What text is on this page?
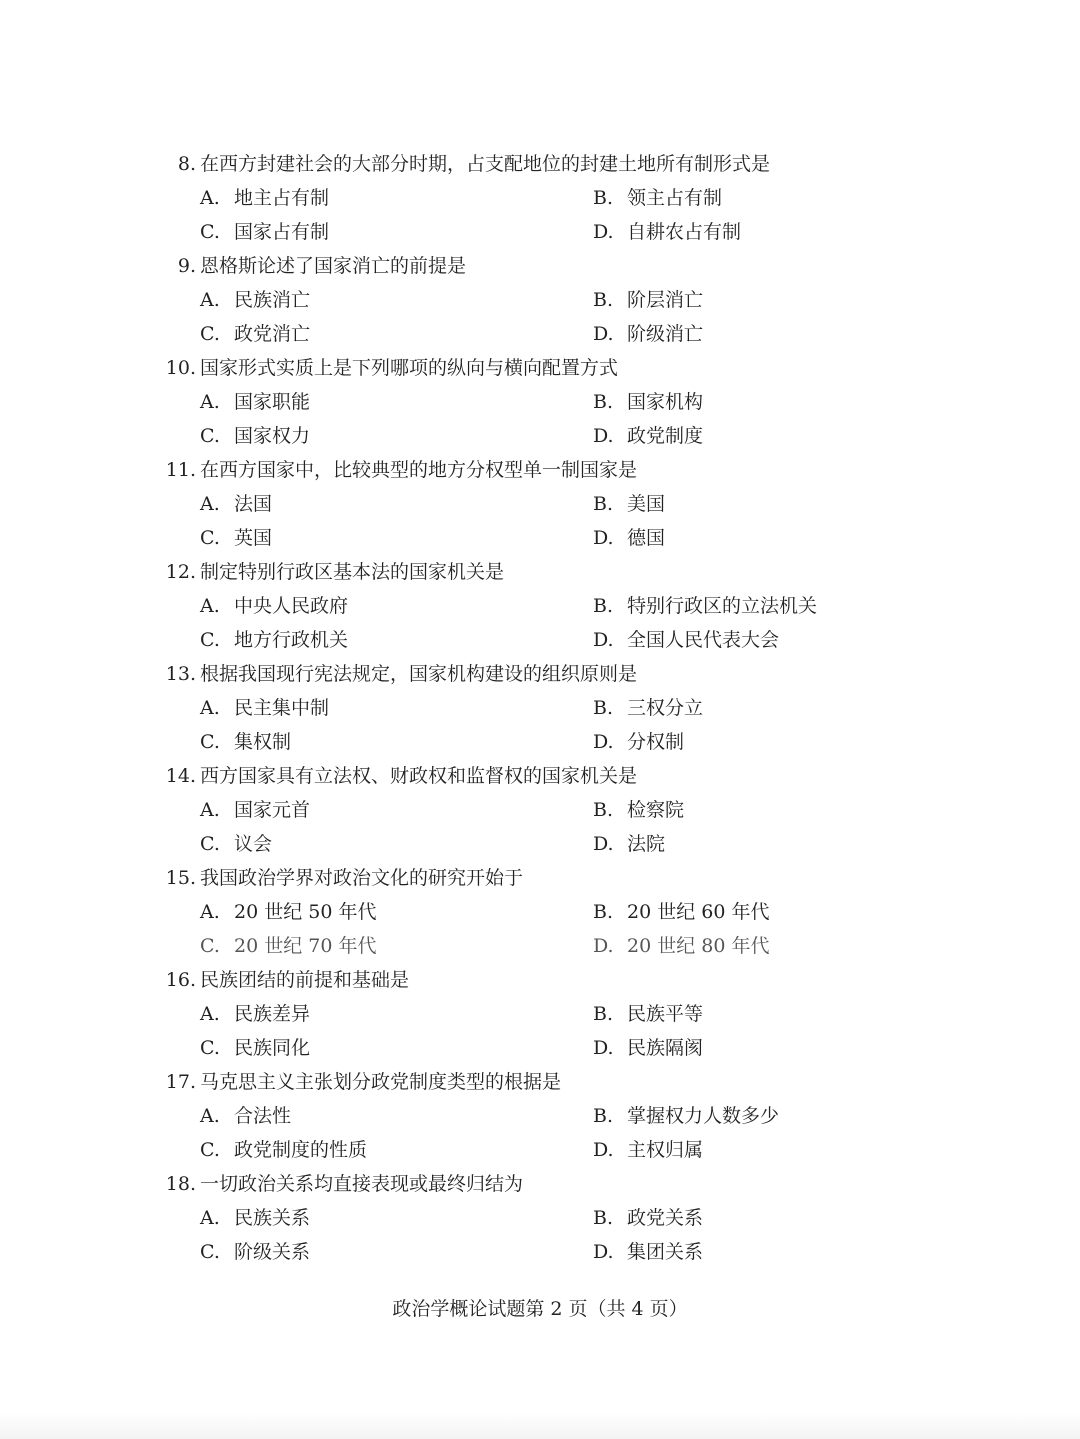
8. 在西方封建社会的大部分时期，占支配地位的封建土地所有制形式是
A. 地主占有制	B. 领主占有制
C. 国家占有制	D. 自耕农占有制
9. 恩格斯论述了国家消亡的前提是
A. 民族消亡	B. 阶层消亡
C. 政党消亡	D. 阶级消亡
10. 国家形式实质上是下列哪项的纵向与横向配置方式
A. 国家职能	B. 国家机构
C. 国家权力	D. 政党制度
11. 在西方国家中，比较典型的地方分权型单一制国家是
A. 法国	B. 美国
C. 英国	D. 德国
12. 制定特别行政区基本法的国家机关是
A. 中央人民政府	B. 特别行政区的立法机关
C. 地方行政机关	D. 全国人民代表大会
13. 根据我国现行宪法规定，国家机构建设的组织原则是
A. 民主集中制	B. 三权分立
C. 集权制	D. 分权制
14. 西方国家具有立法权、财政权和监督权的国家机关是
A. 国家元首	B. 检察院
C. 议会	D. 法院
15. 我国政治学界对政治文化的研究开始于
A. 20 世纪 50 年代	B. 20 世纪 60 年代
C. 20 世纪 70 年代	D. 20 世纪 80 年代
16. 民族团结的前提和基础是
A. 民族差异	B. 民族平等
C. 民族同化	D. 民族隔阂
17. 马克思主义主张划分政党制度类型的根据是
A. 合法性	B. 掌握权力人数多少
C. 政党制度的性质	D. 主权归属
18. 一切政治关系均直接表现或最终归结为
A. 民族关系	B. 政党关系
C. 阶级关系	D. 集团关系
政治学概论试题第 2 页（共 4 页）
